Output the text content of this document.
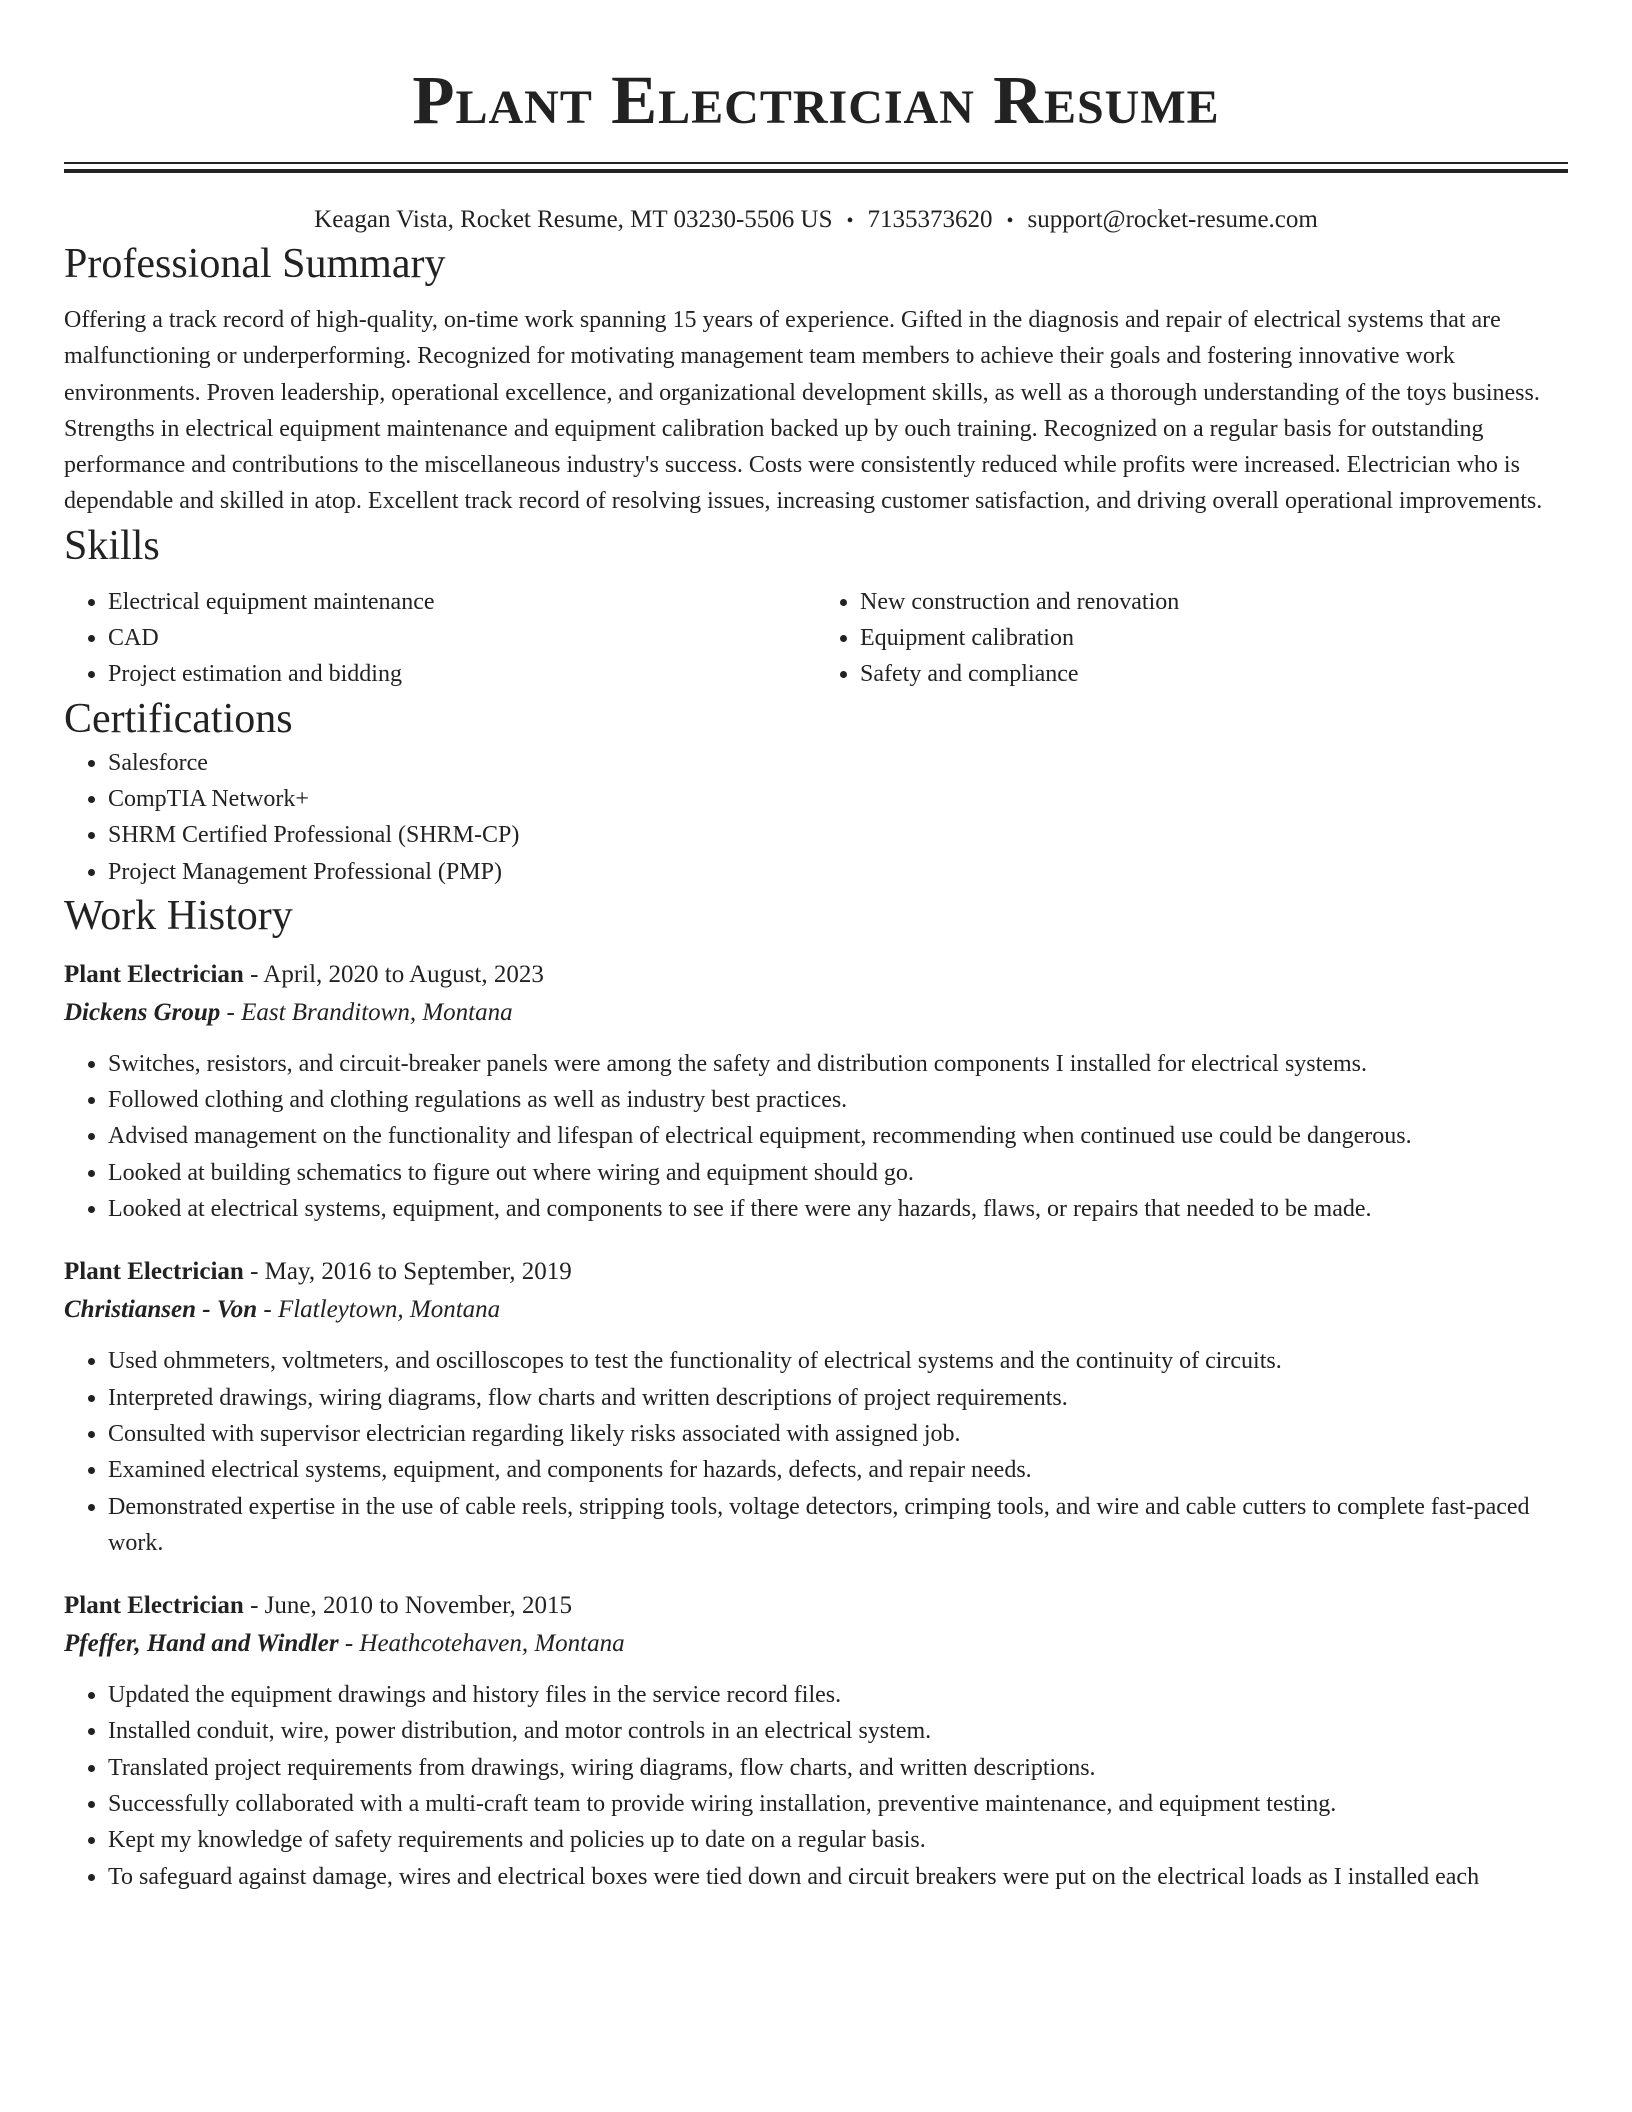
Plant Electrician Resume
Keagan Vista, Rocket Resume, MT 03230-5506 US • 7135373620 • support@rocket-resume.com
Professional Summary

Offering a track record of high-quality, on-time work spanning 15 years of experience. Gifted in the diagnosis and repair of electrical systems that are malfunctioning or underperforming. Recognized for motivating management team members to achieve their goals and fostering innovative work environments. Proven leadership, operational excellence, and organizational development skills, as well as a thorough understanding of the toys business. Strengths in electrical equipment maintenance and equipment calibration backed up by ouch training. Recognized on a regular basis for outstanding performance and contributions to the miscellaneous industry's success. Costs were consistently reduced while profits were increased. Electrician who is dependable and skilled in atop. Excellent track record of resolving issues, increasing customer satisfaction, and driving overall operational improvements.

Skills
• Electrical equipment maintenance
• CAD
• Project estimation and bidding
• New construction and renovation
• Equipment calibration
• Safety and compliance
Certifications
• Salesforce
• CompTIA Network+
• SHRM Certified Professional (SHRM-CP)
• Project Management Professional (PMP)
Work History
Plant Electrician - April, 2020 to August, 2023
Dickens Group - East Branditown, Montana
• Switches, resistors, and circuit-breaker panels were among the safety and distribution components I installed for electrical systems.
• Followed clothing and clothing regulations as well as industry best practices.
• Advised management on the functionality and lifespan of electrical equipment, recommending when continued use could be dangerous.
• Looked at building schematics to figure out where wiring and equipment should go.
• Looked at electrical systems, equipment, and components to see if there were any hazards, flaws, or repairs that needed to be made.
Plant Electrician - May, 2016 to September, 2019
Christiansen - Von - Flatleytown, Montana
• Used ohmmeters, voltmeters, and oscilloscopes to test the functionality of electrical systems and the continuity of circuits.
• Interpreted drawings, wiring diagrams, flow charts and written descriptions of project requirements.
• Consulted with supervisor electrician regarding likely risks associated with assigned job.
• Examined electrical systems, equipment, and components for hazards, defects, and repair needs.
• Demonstrated expertise in the use of cable reels, stripping tools, voltage detectors, crimping tools, and wire and cable cutters to complete fast-paced work.
Plant Electrician - June, 2010 to November, 2015
Pfeffer, Hand and Windler - Heathcotehaven, Montana
• Updated the equipment drawings and history files in the service record files.
• Installed conduit, wire, power distribution, and motor controls in an electrical system.
• Translated project requirements from drawings, wiring diagrams, flow charts, and written descriptions.
• Successfully collaborated with a multi-craft team to provide wiring installation, preventive maintenance, and equipment testing.
• Kept my knowledge of safety requirements and policies up to date on a regular basis.
• To safeguard against damage, wires and electrical boxes were tied down and circuit breakers were put on the electrical loads as I installed each
